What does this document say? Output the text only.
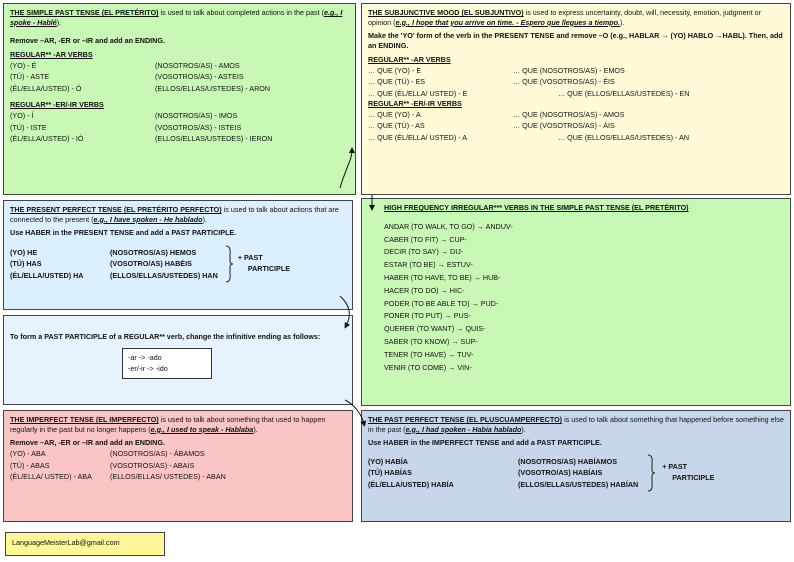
THE SIMPLE PAST TENSE (EL PRETÉRITO) is used to talk about completed actions in the past (e.g., I spoke - Hablé).

Remove –AR, -ER or –IR and add an ENDING.

REGULAR** -AR VERBS

(YO) - É	(NOSOTROS/AS) - AMOS
(TÚ) - ASTE	(VOSOTROS/AS) - ASTEIS
(ÉL/ELLA/USTED) - Ó	(ELLOS/ELLAS/USTEDES) - ARON

REGULAR** -ER/-IR VERBS

(YO) - Í	(NOSOTROS/AS) - IMOS
(TÚ) - ISTE	(VOSOTROS/AS) - ISTEIS
(ÉL/ELLA/USTED) - IÓ	(ELLOS/ELLAS/USTEDES) - IERON

THE SUBJUNCTIVE MOOD (EL SUBJUNTIVO) is used to express uncertainty, doubt, will, necessity, emotion, judgment or opinion (e.g., I hope that you arrive on time. - Espero que llegues a tiempo.).

Make the 'YO' form of the verb in the PRESENT TENSE and remove –O (e.g., HABLAR → (YO) HABLO →HABL). Then, add an ENDING.

REGULAR** -AR VERBS

… QUE (YO) - E	… QUE (NOSOTROS/AS) - EMOS
… QUE (TÚ) - ES	… QUE (VOSOTROS/AS) - ÉIS
… QUE (ÉL/ELLA/ USTED) - E	… QUE (ELLOS/ELLAS/USTEDES) - EN

REGULAR** -ER/-IR VERBS

… QUE (YO) - A	… QUE (NOSOTROS/AS) - AMOS
… QUE (TÚ) - AS	… QUE (VOSOTROS/AS) - ÁIS
… QUE (ÉL/ELLA/ USTED) - A	… QUE (ELLOS/ELLAS/USTEDES) - AN

THE PRESENT PERFECT TENSE (EL PRETÉRITO PERFECTO) is used to talk about actions that are connected to the present (e.g., I have spoken - He hablado).

Use HABER in the PRESENT TENSE and add a PAST PARTICIPLE.

(YO) HE	(NOSOTROS/AS) HEMOS
(TÚ) HAS	(VOSOTRO/AS) HABÉIS
(ÉL/ELLA/USTED) HA	(ELLOS/ELLAS/USTEDES) HAN
+ PAST
PARTICIPLE

To form a PAST PARTICIPLE of a REGULAR** verb, change the infinitive ending as follows:

-ar -> -ado
-er/-ir -> -ido

HIGH FREQUENCY IRREGULAR*** VERBS IN THE SIMPLE PAST TENSE (EL PRETÉRITO)

ANDAR (TO WALK, TO GO) → ANDUV-
CABER (TO FIT) → CUP-
DECIR (TO SAY) → DIJ-
ESTAR (TO BE) → ESTUV-
HABER (TO HAVE, TO BE) → HUB-
HACER (TO DO) → HIC-
PODER (TO BE ABLE TO) → PUD-
PONER (TO PUT) → PUS-
QUERER (TO WANT) → QUIS-
SABER (TO KNOW) → SUP-
TENER (TO HAVE) → TUV-
VENIR (TO COME) → VIN-

THE IMPERFECT TENSE (EL IMPERFECTO) is used to talk about something that used to happen regularly in the past but no longer happens (e.g., I used to speak - Hablaba).

Remove –AR, -ER or –IR and add an ENDING.

(YO) - ABA	(NOSOTROS/AS) - ÁBAMOS
(TÚ) - ABAS	(VOSOTROS/AS) - ABAIS
(ÉL/ELLA/ USTED) - ABA	(ELLOS/ELLAS/ USTEDES) - ABAN

THE PAST PERFECT TENSE (EL PLUSCUAMPERFECTO) is used to talk about something that happened before something else in the past (e.g., I had spoken - Había hablado).

Use HABER in the IMPERFECT TENSE and add a PAST PARTICIPLE.

(YO) HABÍA	(NOSOTROS/AS) HABÍAMOS
(TÚ) HABÍAS	(VOSOTRO/AS) HABÍAIS
(ÉL/ELLA/USTED) HABÍA	(ELLOS/ELLAS/USTEDES) HABÍAN
+ PAST
PARTICIPLE
LanguageMeisterLab@gmail.com
